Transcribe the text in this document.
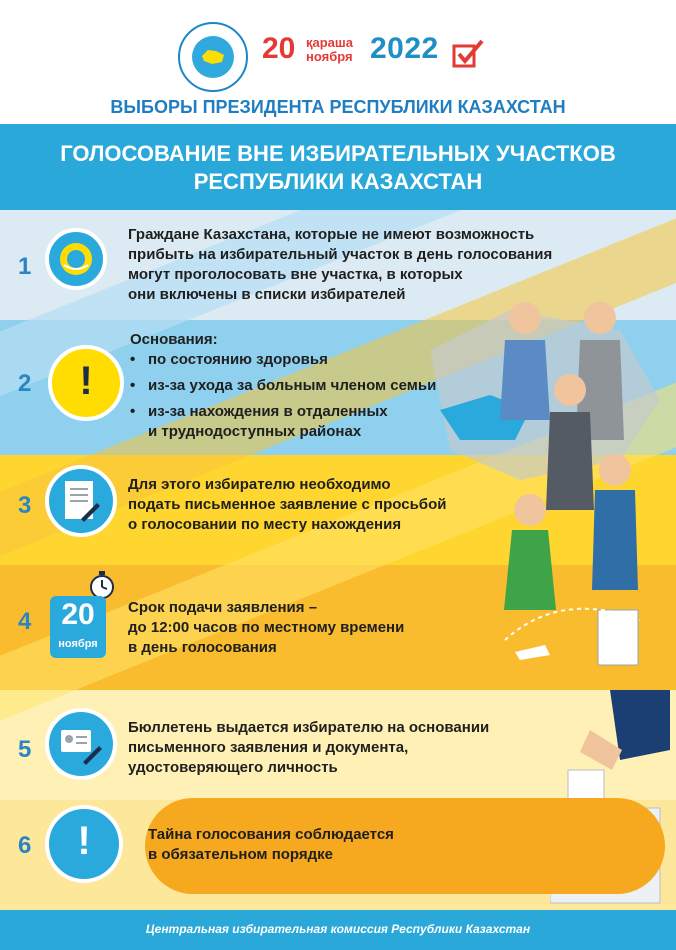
20 қараша
ноября 2022
ВЫБОРЫ ПРЕЗИДЕНТА РЕСПУБЛИКИ КАЗАХСТАН
ГОЛОСОВАНИЕ ВНЕ ИЗБИРАТЕЛЬНЫХ УЧАСТКОВ
РЕСПУБЛИКИ КАЗАХСТАН
1
Граждане Казахстана, которые не имеют возможность
прибыть на избирательный участок в день голосования
могут проголосовать вне участка, в которых
они включены в списки избирателей
2	!
Основания:
• по состоянию здоровья
• из-за ухода за больным членом семьи
• из-за нахождения в отдаленных
и труднодоступных районах
3
Для этого избирателю необходимо
подать письменное заявление с просьбой
о голосовании по месту нахождения
4 20
ноября
Срок подачи заявления –
до 12:00 часов по местному времени
в день голосования
5
Бюллетень выдается избирателю на основании
письменного заявления и документа,
удостоверяющего личность
6	!	Тайна голосования соблюдается
в обязательном порядке
Центральная избирательная комиссия Республики Казахстан
